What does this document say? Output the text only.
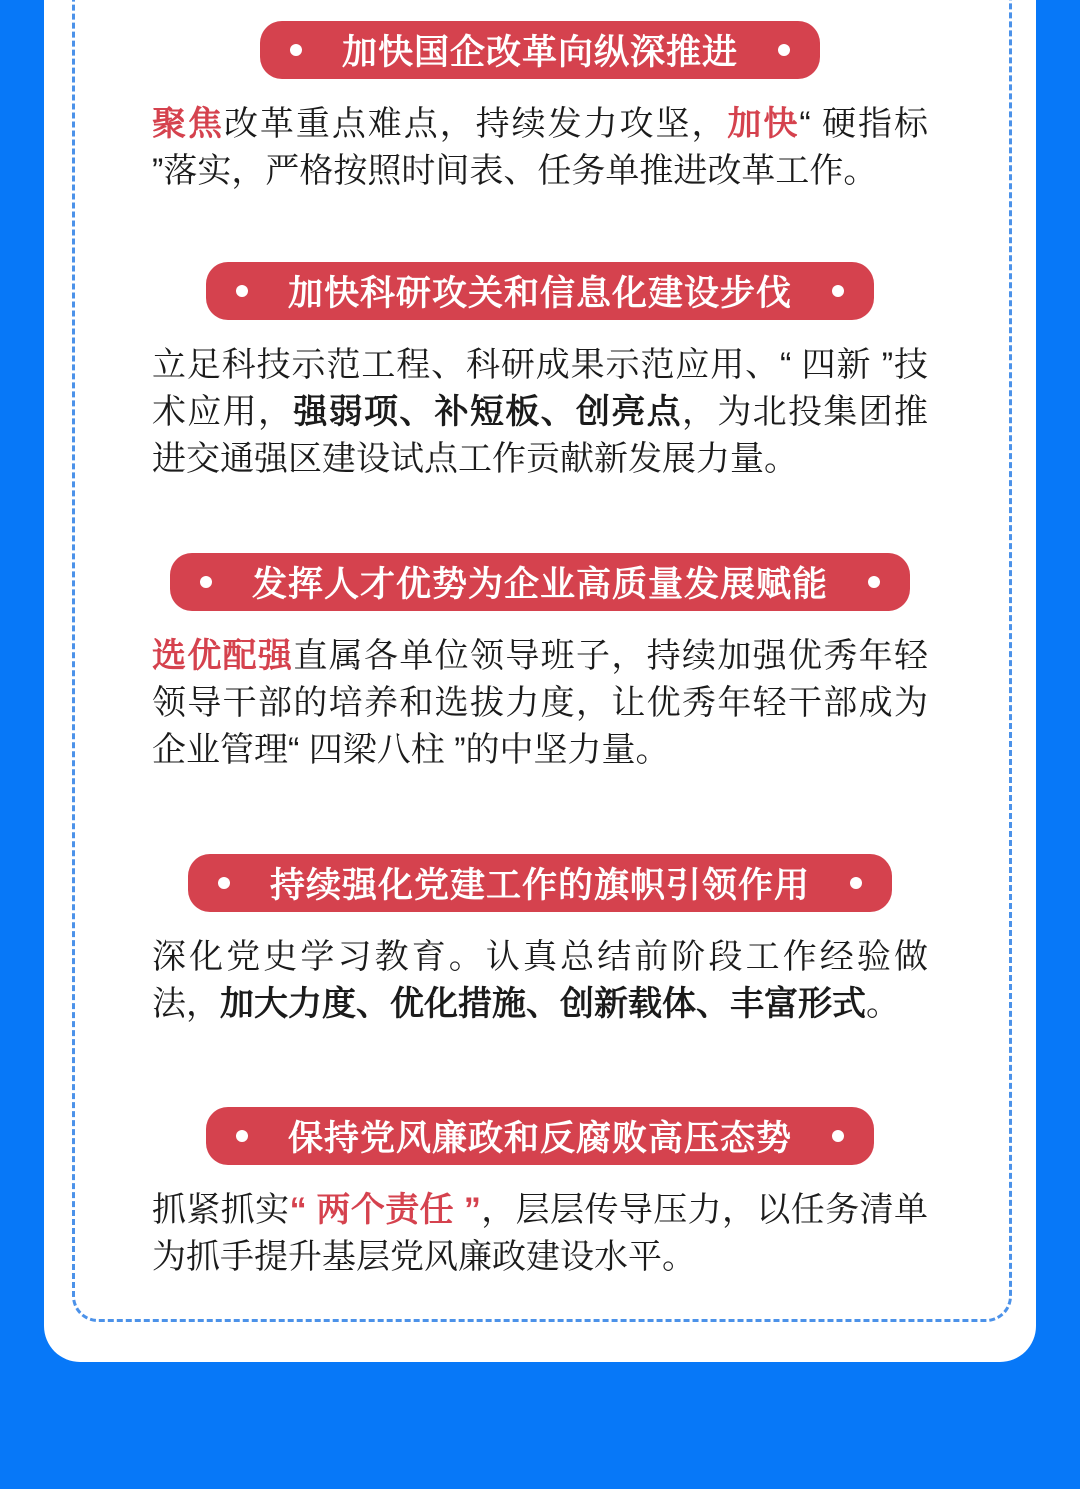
加快国企改革向纵深推进

聚焦改革重点难点，持续发力攻坚，加快“ 硬指标 ”落实，严格按照时间表、任务单推进改革工作。

加快科研攻关和信息化建设步伐

立足科技示范工程、科研成果示范应用、“ 四新 ”技术应用，强弱项、补短板、创亮点，为北投集团推进交通强区建设试点工作贡献新发展力量。

发挥人才优势为企业高质量发展赋能

选优配强直属各单位领导班子，持续加强优秀年轻领导干部的培养和选拔力度，让优秀年轻干部成为企业管理“ 四梁八柱 ”的中坚力量。

持续强化党建工作的旗帜引领作用

深化党史学习教育。认真总结前阶段工作经验做法，加大力度、优化措施、创新载体、丰富形式。

保持党风廉政和反腐败高压态势

抓紧抓实“ 两个责任 ”，层层传导压力，以任务清单为抓手提升基层党风廉政建设水平。
